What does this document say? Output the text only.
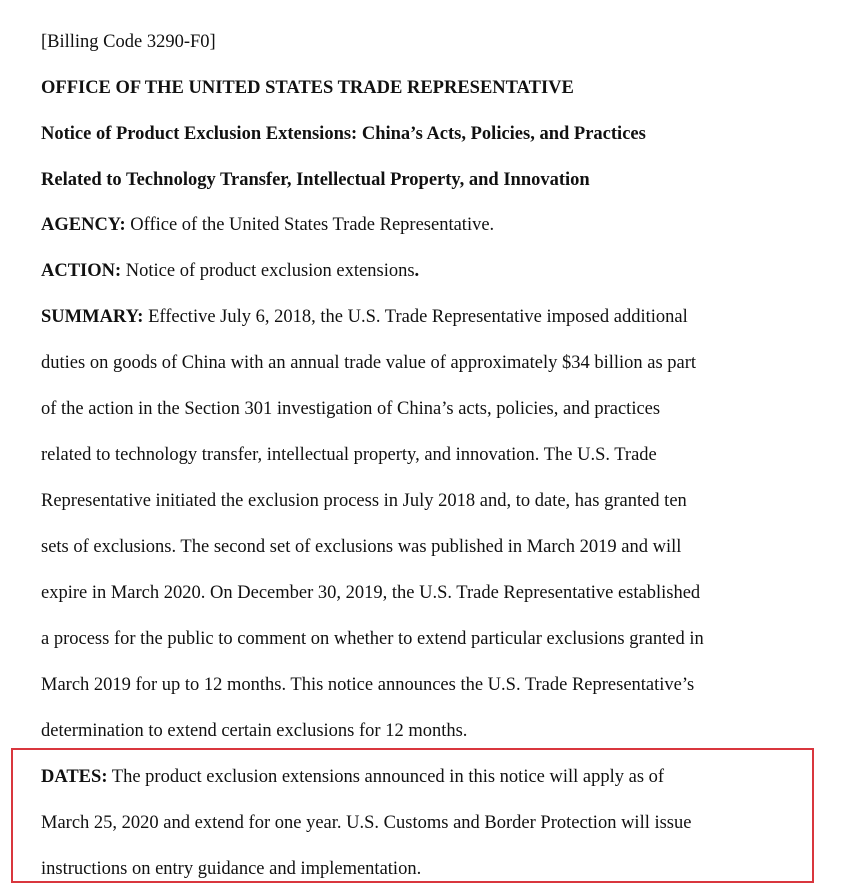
[Billing Code 3290-F0]
OFFICE OF THE UNITED STATES TRADE REPRESENTATIVE
Notice of Product Exclusion Extensions: China’s Acts, Policies, and Practices
Related to Technology Transfer, Intellectual Property, and Innovation
AGENCY: Office of the United States Trade Representative.
ACTION: Notice of product exclusion extensions.
SUMMARY: Effective July 6, 2018, the U.S. Trade Representative imposed additional
duties on goods of China with an annual trade value of approximately $34 billion as part
of the action in the Section 301 investigation of China’s acts, policies, and practices
related to technology transfer, intellectual property, and innovation. The U.S. Trade
Representative initiated the exclusion process in July 2018 and, to date, has granted ten
sets of exclusions. The second set of exclusions was published in March 2019 and will
expire in March 2020. On December 30, 2019, the U.S. Trade Representative established
a process for the public to comment on whether to extend particular exclusions granted in
March 2019 for up to 12 months. This notice announces the U.S. Trade Representative’s
determination to extend certain exclusions for 12 months.
DATES: The product exclusion extensions announced in this notice will apply as of
March 25, 2020 and extend for one year. U.S. Customs and Border Protection will issue
instructions on entry guidance and implementation.
